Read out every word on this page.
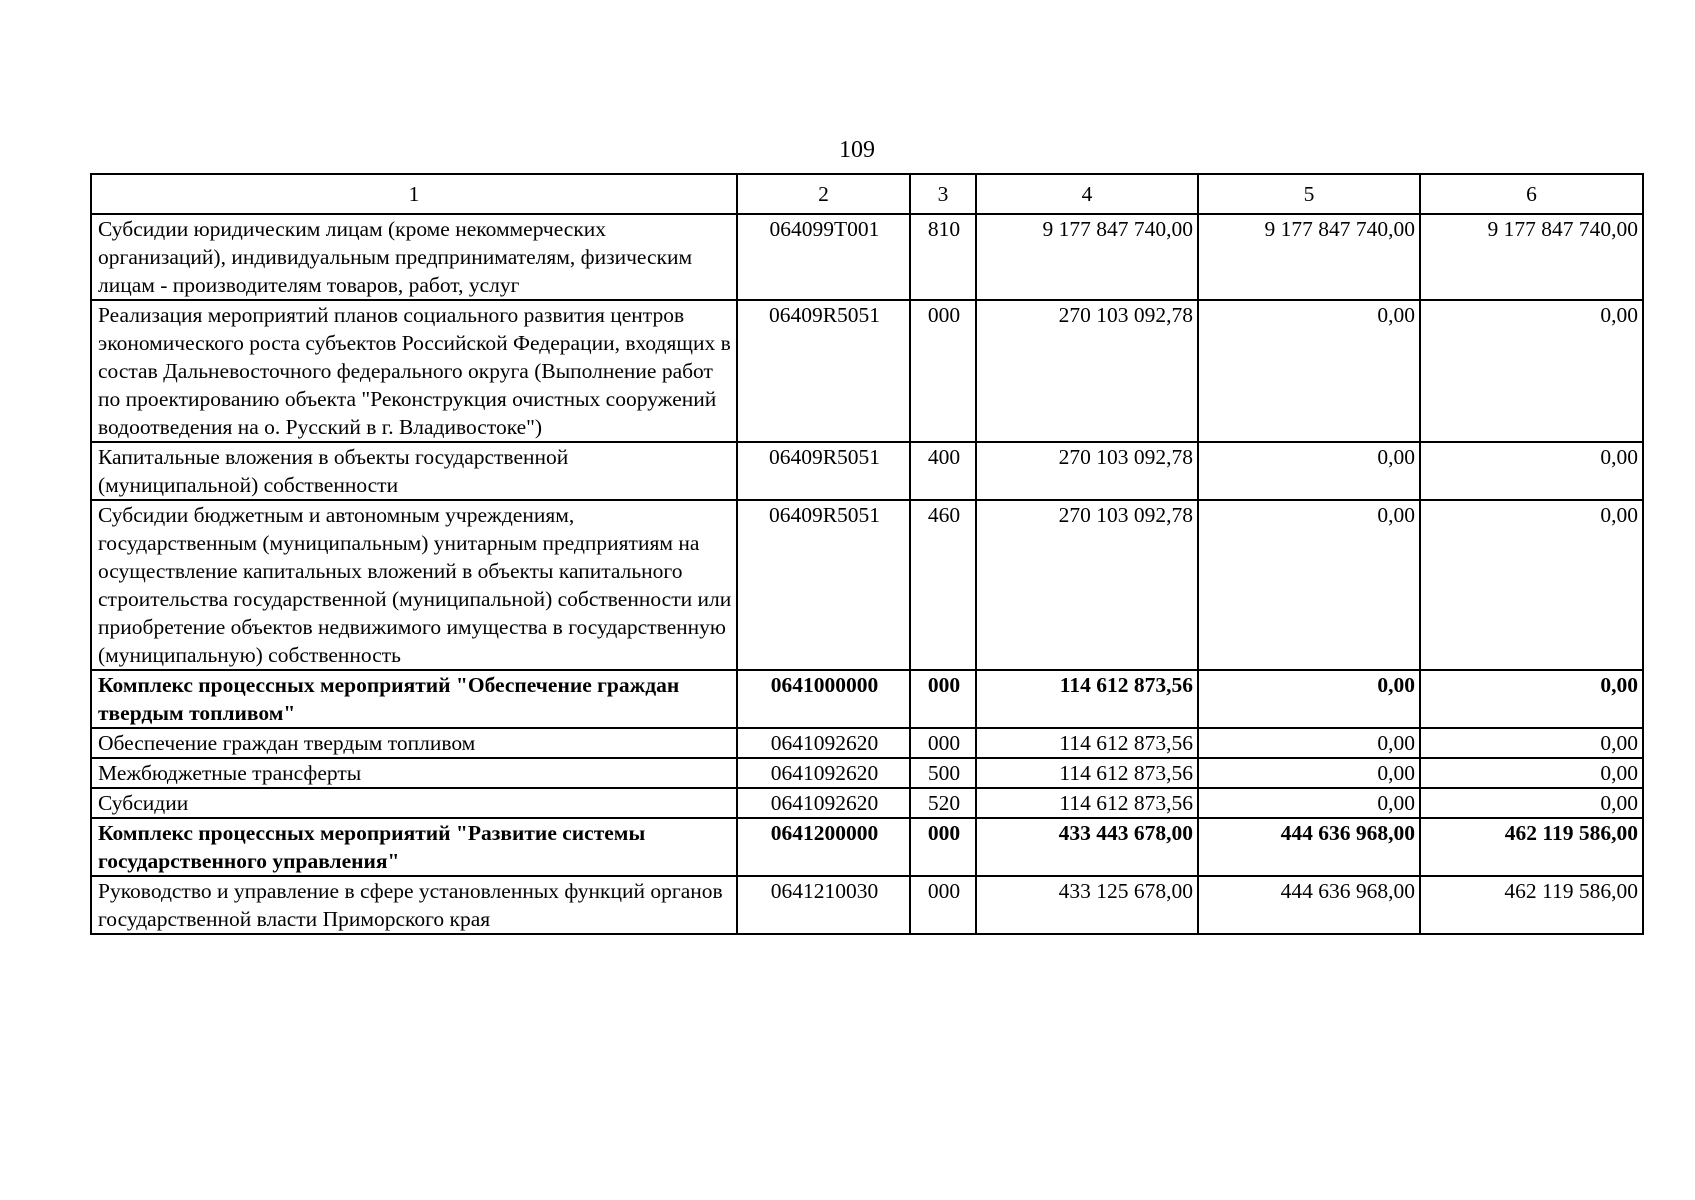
109
1	2	3	4	5	6
Субсидии юридическим лицам (кроме некоммерческих организаций), индивидуальным предпринимателям, физическим лицам - производителям товаров, работ, услуг	064099Т001	810	9 177 847 740,00	9 177 847 740,00	9 177 847 740,00
Реализация мероприятий планов социального развития центров экономического роста субъектов Российской Федерации, входящих в состав Дальневосточного федерального округа (Выполнение работ по проектированию объекта "Реконструкция очистных сооружений водоотведения на о. Русский в г. Владивостоке")	06409R5051	000	270 103 092,78	0,00	0,00
Капитальные вложения в объекты государственной (муниципальной) собственности	06409R5051	400	270 103 092,78	0,00	0,00
Субсидии бюджетным и автономным учреждениям, государственным (муниципальным) унитарным предприятиям на осуществление капитальных вложений в объекты капитального строительства государственной (муниципальной) собственности или приобретение объектов недвижимого имущества в государственную (муниципальную) собственность	06409R5051	460	270 103 092,78	0,00	0,00
Комплекс процессных мероприятий "Обеспечение граждан твердым топливом"	0641000000	000	114 612 873,56	0,00	0,00
Обеспечение граждан твердым топливом	0641092620	000	114 612 873,56	0,00	0,00
Межбюджетные трансферты	0641092620	500	114 612 873,56	0,00	0,00
Субсидии	0641092620	520	114 612 873,56	0,00	0,00
Комплекс процессных мероприятий "Развитие системы государственного управления"	0641200000	000	433 443 678,00	444 636 968,00	462 119 586,00
Руководство и управление в сфере установленных функций органов государственной власти Приморского края	0641210030	000	433 125 678,00	444 636 968,00	462 119 586,00
